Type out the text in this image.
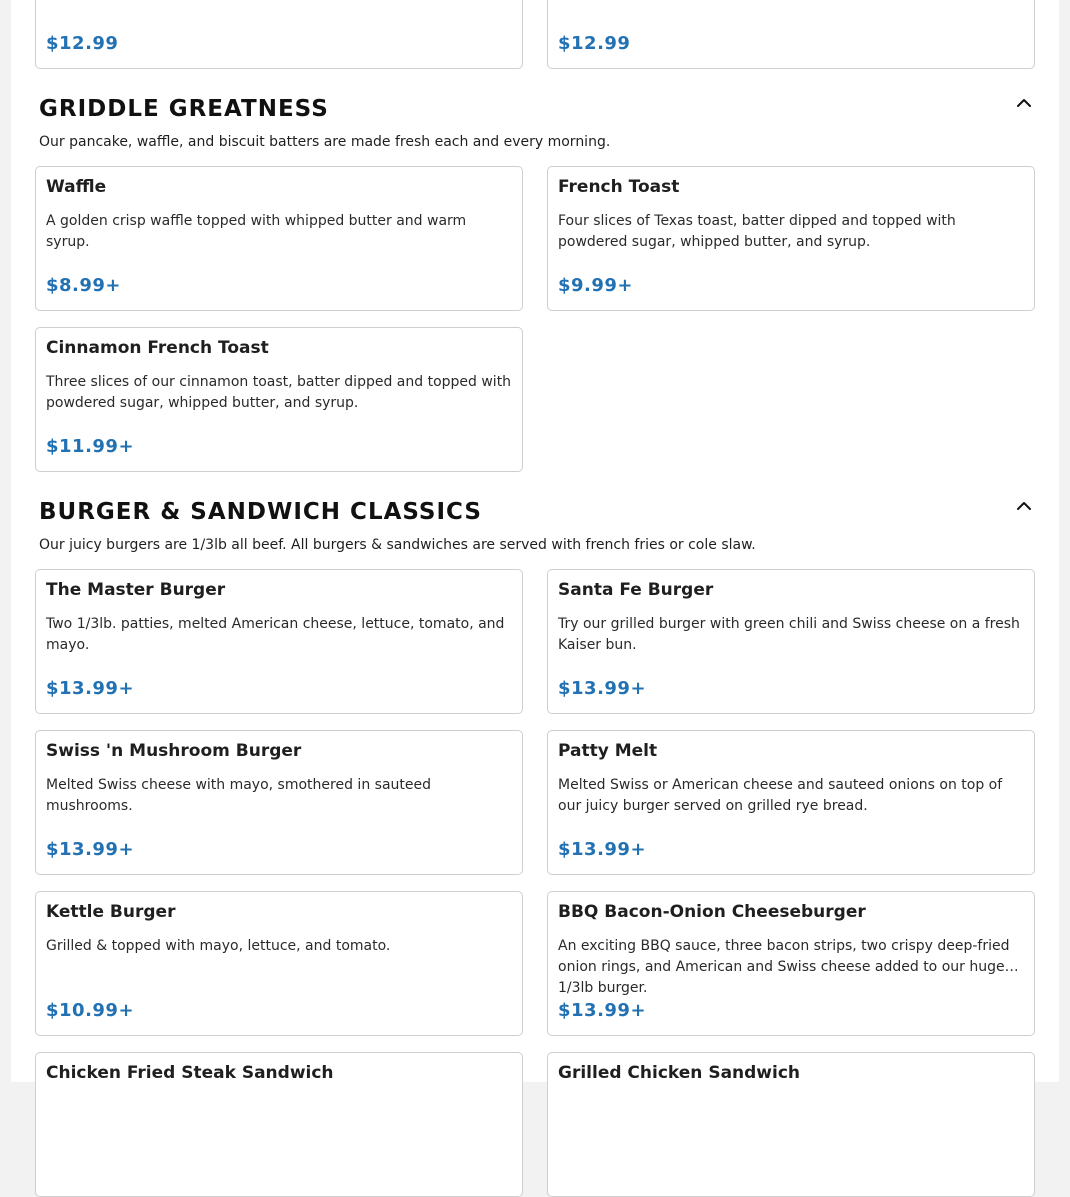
$12.99	$12.99
GRIDDLE GREATNESS
Our pancake, waffle, and biscuit batters are made fresh each and every morning.
Waffle
A golden crisp waffle topped with whipped butter and warm syrup.
$8.99+
French Toast
Four slices of Texas toast, batter dipped and topped with powdered sugar, whipped butter, and syrup.
$9.99+
Cinnamon French Toast
Three slices of our cinnamon toast, batter dipped and topped with powdered sugar, whipped butter, and syrup.
$11.99+
BURGER & SANDWICH CLASSICS
Our juicy burgers are 1/3lb all beef. All burgers & sandwiches are served with french fries or cole slaw.
The Master Burger
Two 1/3lb. patties, melted American cheese, lettuce, tomato, and mayo.
$13.99+
Santa Fe Burger
Try our grilled burger with green chili and Swiss cheese on a fresh Kaiser bun.
$13.99+
Swiss 'n Mushroom Burger
Melted Swiss cheese with mayo, smothered in sauteed mushrooms.
$13.99+
Patty Melt
Melted Swiss or American cheese and sauteed onions on top of our juicy burger served on grilled rye bread.
$13.99+
Kettle Burger
Grilled & topped with mayo, lettuce, and tomato.
$10.99+
BBQ Bacon-Onion Cheeseburger
An exciting BBQ sauce, three bacon strips, two crispy deep-fried onion rings, and American and Swiss cheese added to our huge 1/3lb burger.
$13.99+
Chicken Fried Steak Sandwich	Grilled Chicken Sandwich
